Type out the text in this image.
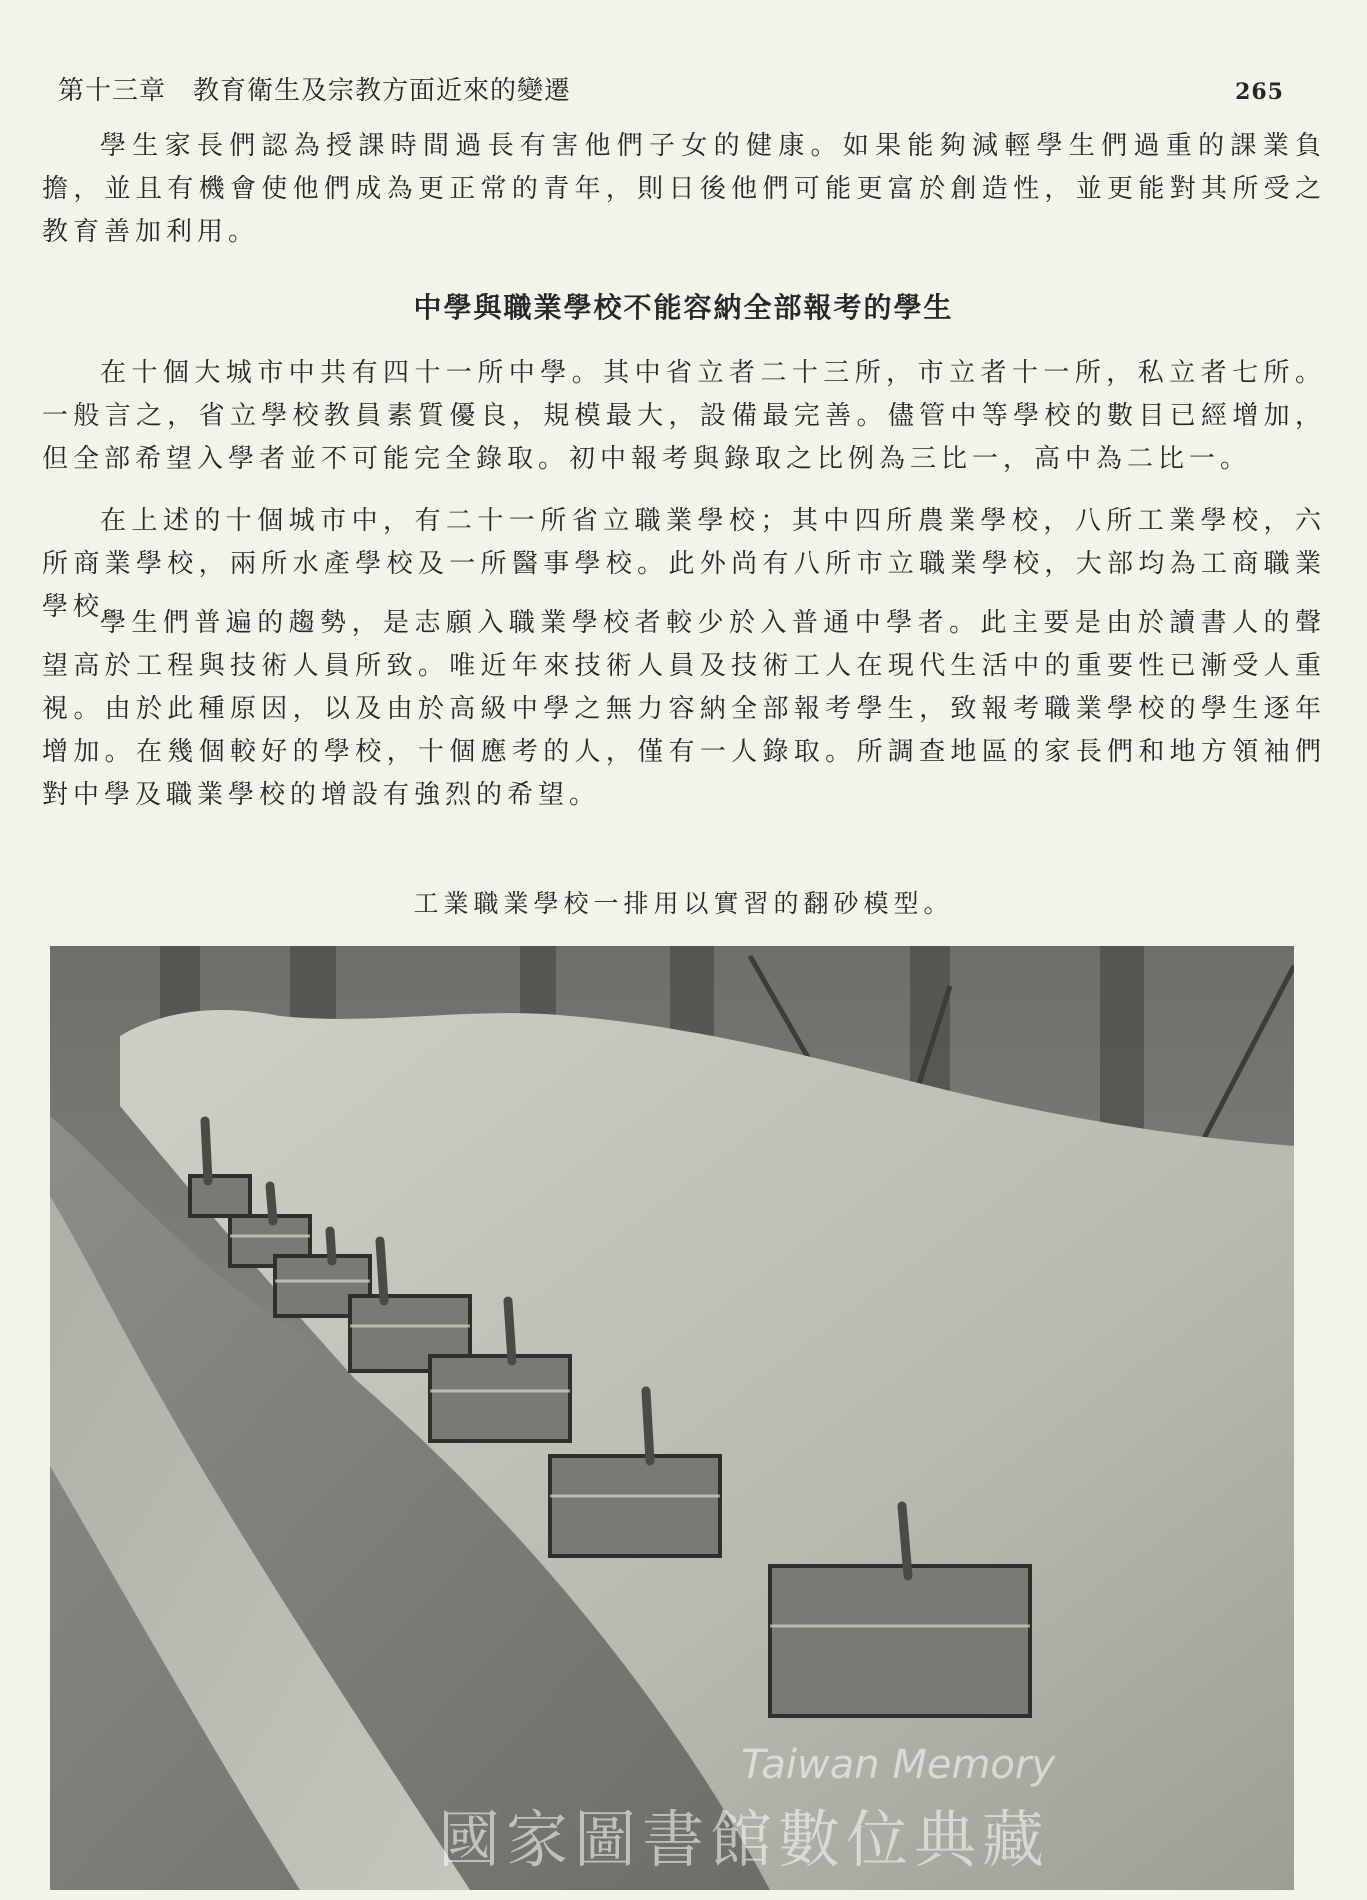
第十三章　教育衛生及宗教方面近來的變遷	265

學生家長們認為授課時間過長有害他們子女的健康。如果能夠減輕學生們過重的課業負擔，並且有機會使他們成為更正常的青年，則日後他們可能更富於創造性，並更能對其所受之教育善加利用。

中學與職業學校不能容納全部報考的學生

在十個大城市中共有四十一所中學。其中省立者二十三所，市立者十一所，私立者七所。一般言之，省立學校教員素質優良，規模最大，設備最完善。儘管中等學校的數目已經增加，但全部希望入學者並不可能完全錄取。初中報考與錄取之比例為三比一，高中為二比一。

在上述的十個城市中，有二十一所省立職業學校；其中四所農業學校，八所工業學校，六所商業學校，兩所水產學校及一所醫事學校。此外尚有八所市立職業學校，大部均為工商職業學校。

學生們普遍的趨勢，是志願入職業學校者較少於入普通中學者。此主要是由於讀書人的聲望高於工程與技術人員所致。唯近年來技術人員及技術工人在現代生活中的重要性已漸受人重視。由於此種原因，以及由於高級中學之無力容納全部報考學生，致報考職業學校的學生逐年增加。在幾個較好的學校，十個應考的人，僅有一人錄取。所調查地區的家長們和地方領袖們對中學及職業學校的增設有強烈的希望。

工業職業學校一排用以實習的翻砂模型。
Taiwan Memory
國家圖書館數位典藏
